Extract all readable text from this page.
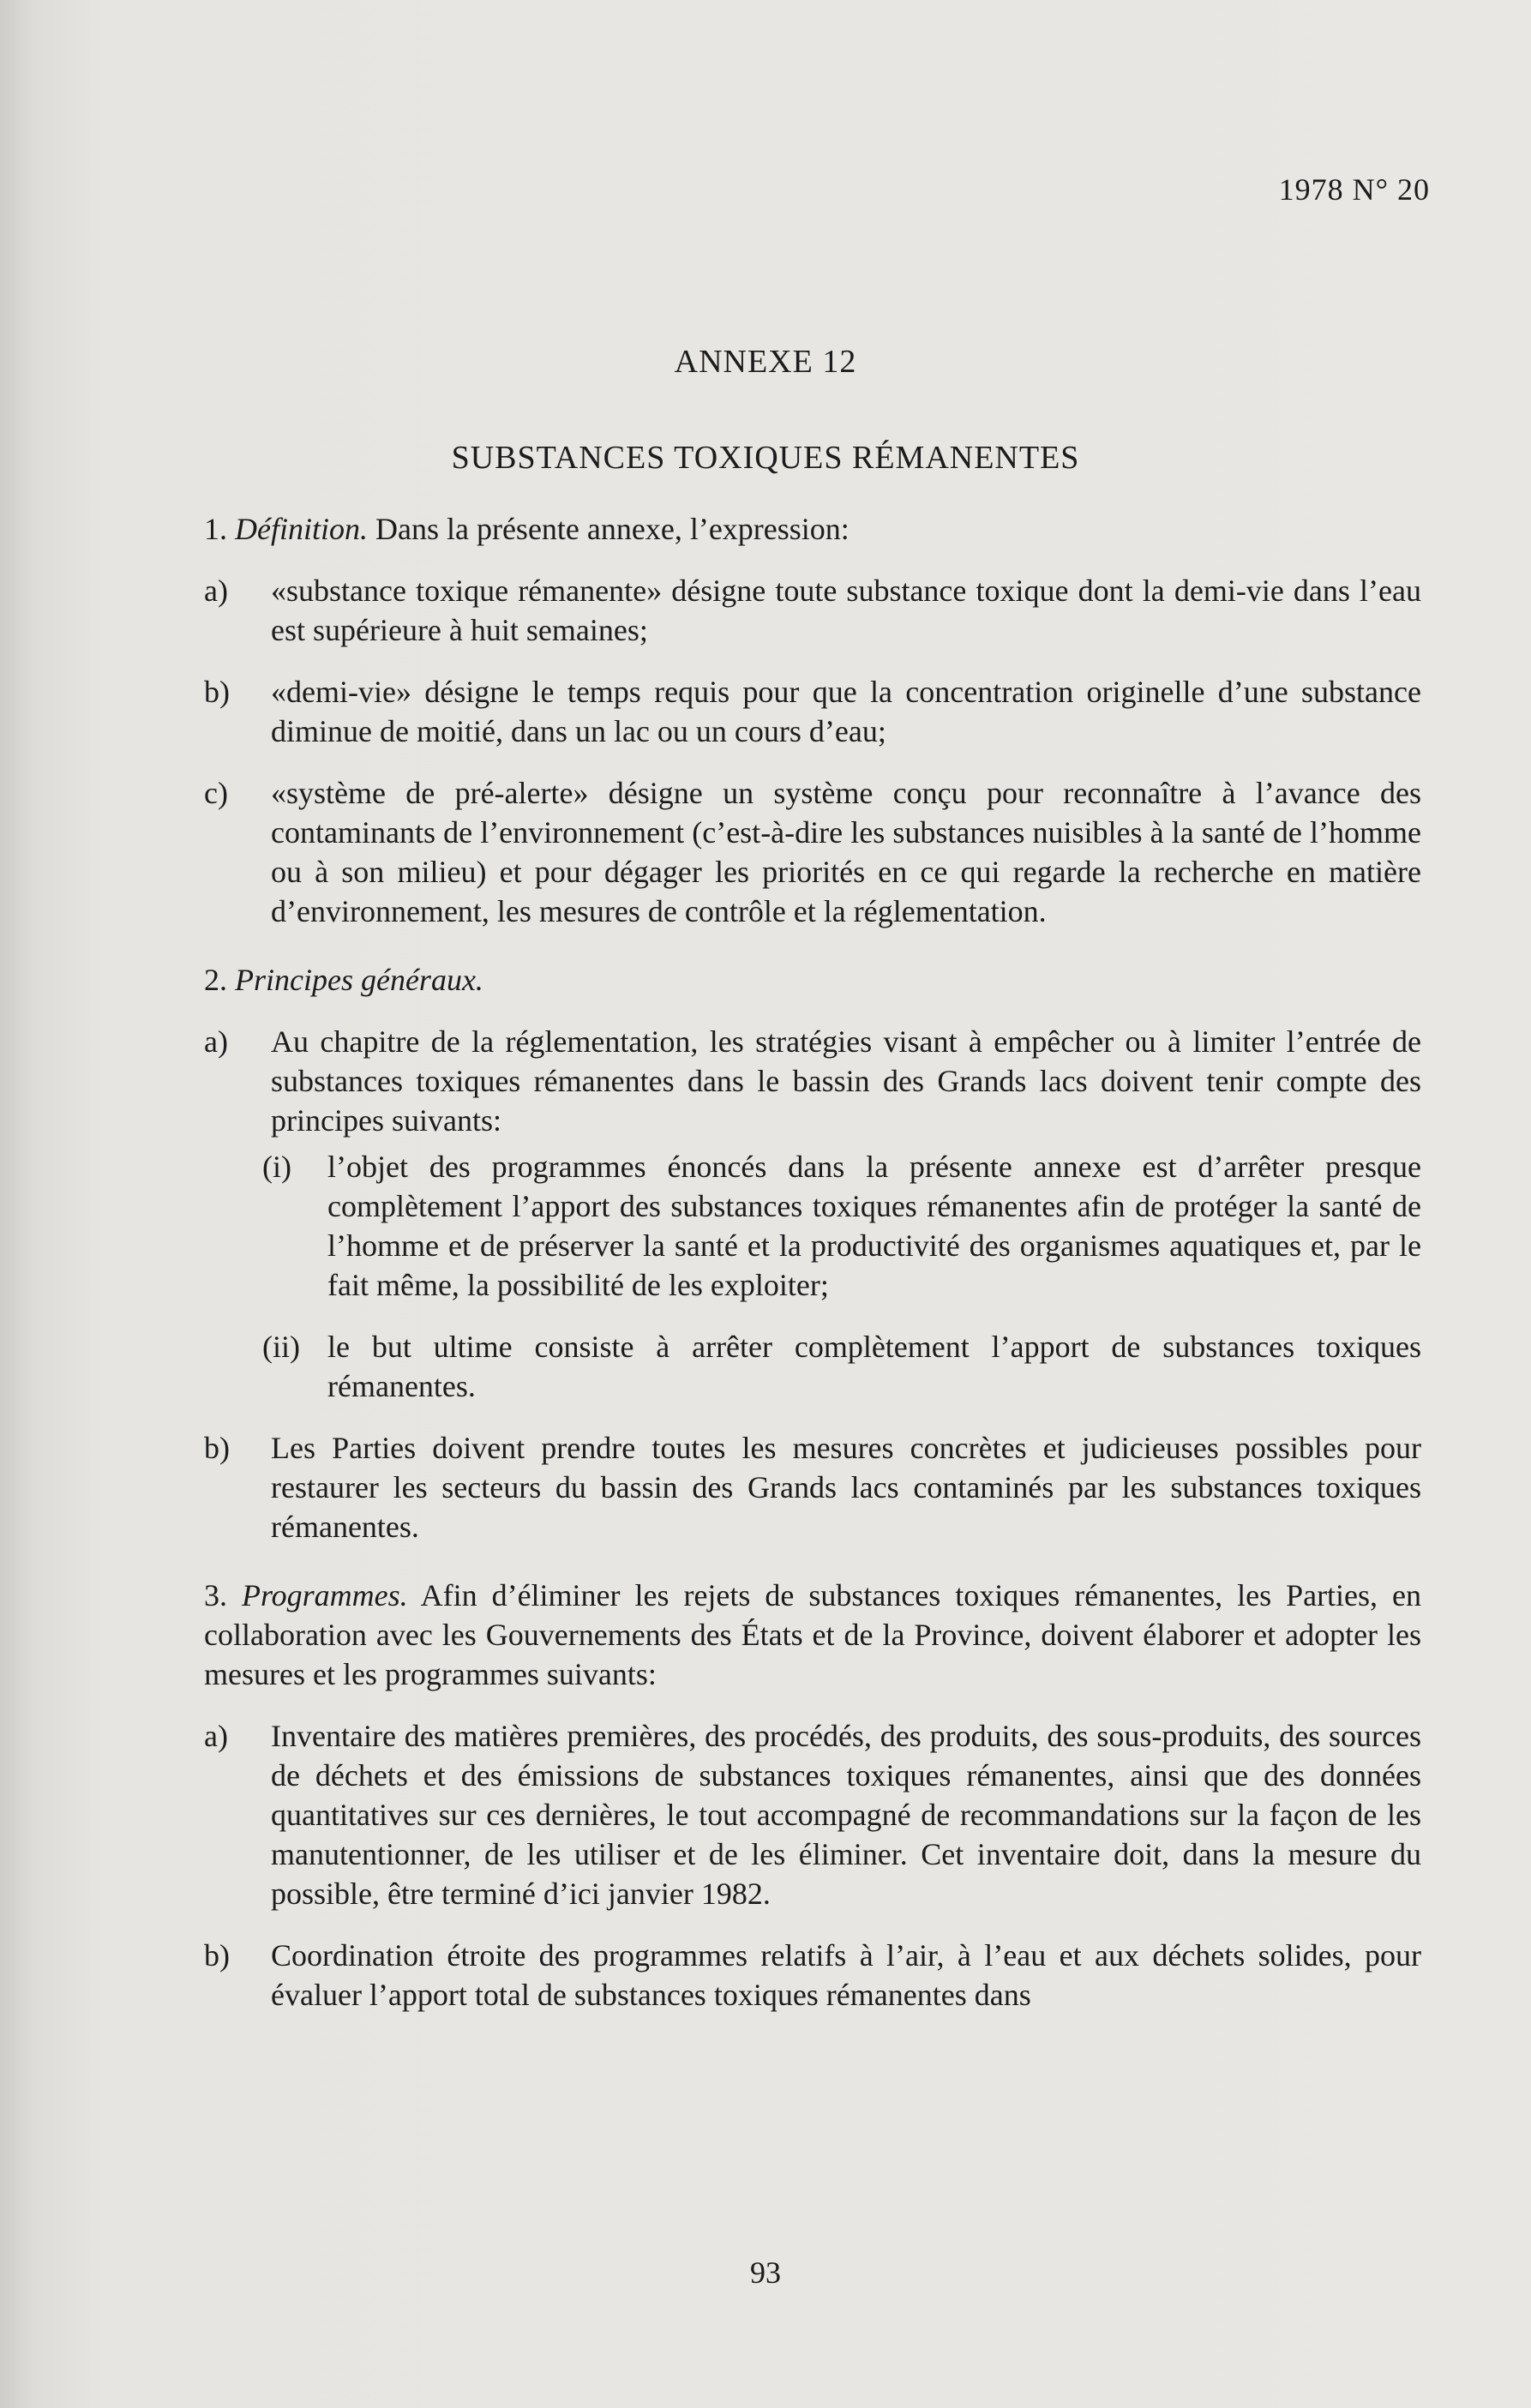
1978 N° 20
ANNEXE 12
SUBSTANCES TOXIQUES RÉMANENTES

1. Définition. Dans la présente annexe, l’expression:

a)	«substance toxique rémanente» désigne toute substance toxique dont la demi-vie dans l’eau est supérieure à huit semaines;
b)	«demi-vie» désigne le temps requis pour que la concentration originelle d’une substance diminue de moitié, dans un lac ou un cours d’eau;
c)	«système de pré-alerte» désigne un système conçu pour reconnaître à l’avance des contaminants de l’environnement (c’est-à-dire les substances nuisibles à la santé de l’homme ou à son milieu) et pour dégager les priorités en ce qui regarde la recherche en matière d’environnement, les mesures de contrôle et la réglementation.

2. Principes généraux.

a)	Au chapitre de la réglementation, les stratégies visant à empêcher ou à limiter l’entrée de substances toxiques rémanentes dans le bassin des Grands lacs doivent tenir compte des principes suivants:
(i)	l’objet des programmes énoncés dans la présente annexe est d’arrêter presque complètement l’apport des substances toxiques rémanentes afin de protéger la santé de l’homme et de préserver la santé et la productivité des organismes aquatiques et, par le fait même, la possibilité de les exploiter;
(ii) le but ultime consiste à arrêter complètement l’apport de substances toxiques rémanentes.
b)	Les Parties doivent prendre toutes les mesures concrètes et judicieuses possibles pour restaurer les secteurs du bassin des Grands lacs contaminés par les substances toxiques rémanentes.

3. Programmes. Afin d’éliminer les rejets de substances toxiques rémanentes, les Parties, en collaboration avec les Gouvernements des États et de la Province, doivent élaborer et adopter les mesures et les programmes suivants:

a)	Inventaire des matières premières, des procédés, des produits, des sous-produits, des sources de déchets et des émissions de substances toxiques rémanentes, ainsi que des données quantitatives sur ces dernières, le tout accompagné de recommandations sur la façon de les manutentionner, de les utiliser et de les éliminer. Cet inventaire doit, dans la mesure du possible, être terminé d’ici janvier 1982.
b)	Coordination étroite des programmes relatifs à l’air, à l’eau et aux déchets solides, pour évaluer l’apport total de substances toxiques rémanentes dans
93
